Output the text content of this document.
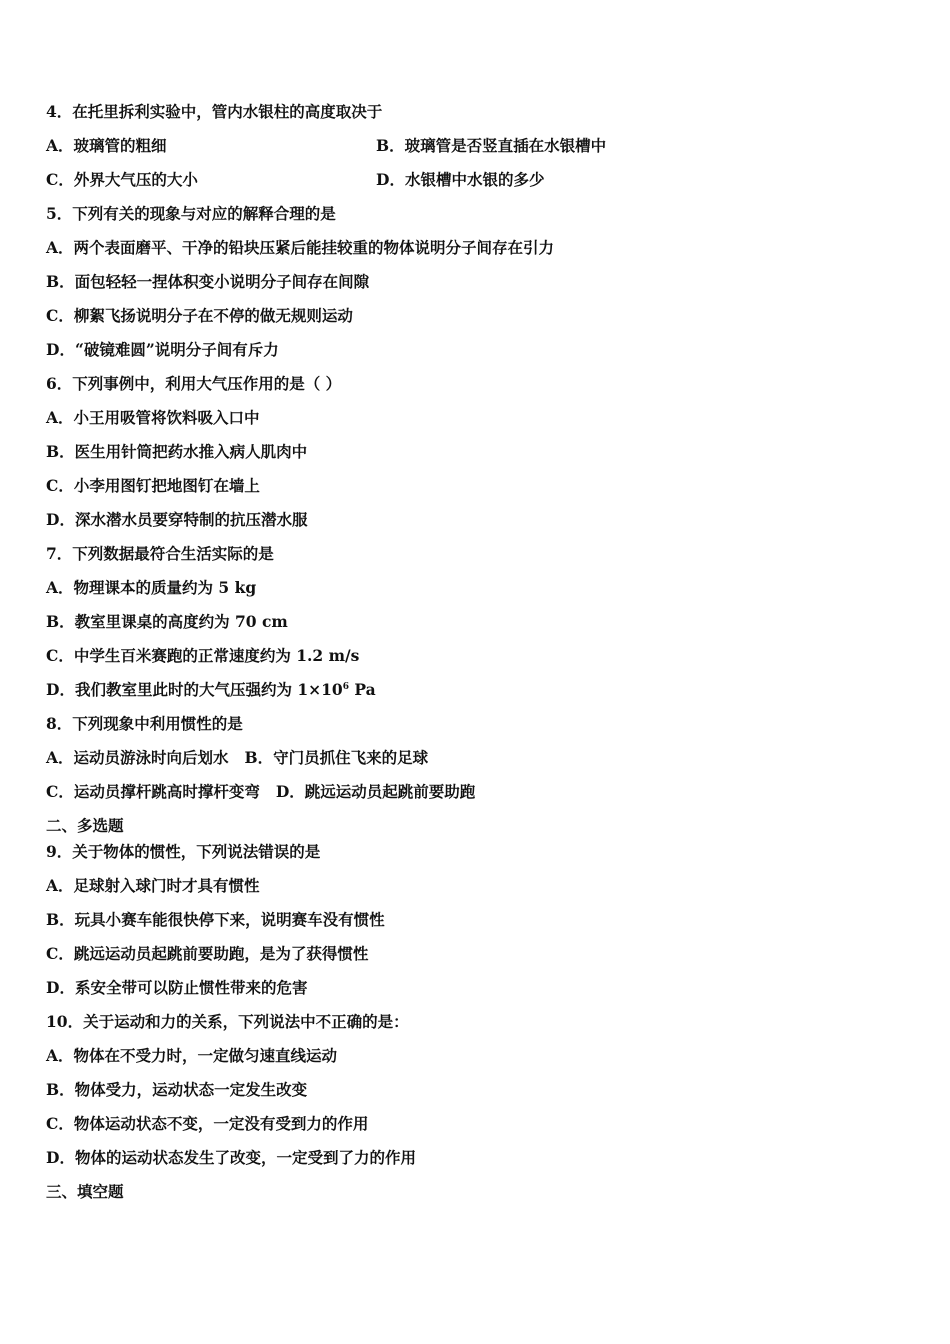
4．在托里拆利实验中，管内水银柱的高度取决于
A．玻璃管的粗细	B．玻璃管是否竖直插在水银槽中
C．外界大气压的大小	D．水银槽中水银的多少
5．下列有关的现象与对应的解释合理的是
A．两个表面磨平、干净的铅块压紧后能挂较重的物体说明分子间存在引力
B．面包轻轻一捏体积变小说明分子间存在间隙
C．柳絮飞扬说明分子在不停的做无规则运动
D．“破镜难圆”说明分子间有斥力
6．下列事例中，利用大气压作用的是（ ）
A．小王用吸管将饮料吸入口中
B．医生用针筒把药水推入病人肌肉中
C．小李用图钉把地图钉在墙上
D．深水潜水员要穿特制的抗压潜水服
7．下列数据最符合生活实际的是
A．物理课本的质量约为 5 kg
B．教室里课桌的高度约为 70 cm
C．中学生百米赛跑的正常速度约为 1.2 m/s
D．我们教室里此时的大气压强约为 $1\times 10^6$ Pa
8．下列现象中利用惯性的是
A．运动员游泳时向后划水 B．守门员抓住飞来的足球
C．运动员撑杆跳高时撑杆变弯 D．跳远运动员起跳前要助跑
二、多选题
9．关于物体的惯性，下列说法错误的是
A．足球射入球门时才具有惯性
B．玩具小赛车能很快停下来，说明赛车没有惯性
C．跳远运动员起跳前要助跑，是为了获得惯性
D．系安全带可以防止惯性带来的危害
10．关于运动和力的关系，下列说法中不正确的是：
A．物体在不受力时，一定做匀速直线运动
B．物体受力，运动状态一定发生改变
C．物体运动状态不变，一定没有受到力的作用
D．物体的运动状态发生了改变，一定受到了力的作用
三、填空题
